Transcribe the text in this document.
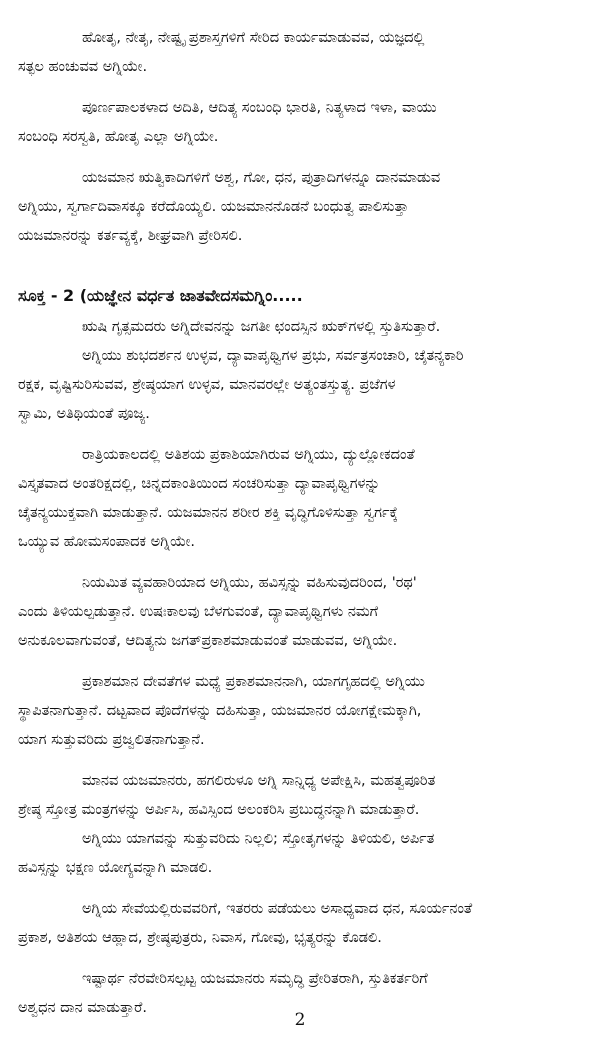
ಹೋತೃ, ನೇತೃ, ನೇಷ್ಟೃ ಪ್ರಶಾಸ್ತಗಳಿಗೆ ಸೇರಿದ ಕಾರ್ಯಮಾಡುವವ, ಯಜ್ಞದಲ್ಲಿ
ಸತ್ಫಲ ಹಂಚುವವ ಅಗ್ನಿಯೇ.
ಪೂರ್ಣಪಾಲಕಳಾದ ಅದಿತಿ, ಆದಿತ್ಯ ಸಂಬಂಧಿ ಭಾರತಿ, ನಿತ್ಯಳಾದ ಇಳಾ, ವಾಯು
ಸಂಬಂಧಿ ಸರಸ್ವತಿ, ಹೋತೃ ಎಲ್ಲಾ ಅಗ್ನಿಯೇ.
ಯಜಮಾನ ಋತ್ವಿಕಾದಿಗಳಿಗೆ ಅಶ್ವ, ಗೋ, ಧನ, ಪುತ್ರಾದಿಗಳನ್ನೂ ದಾನಮಾಡುವ
ಅಗ್ನಿಯು, ಸ್ವರ್ಗಾದಿವಾಸಕ್ಕೂ ಕರೆದೊಯ್ಯಲಿ. ಯಜಮಾನನೊಡನೆ ಬಂಧುತ್ವ ಪಾಲಿಸುತ್ತಾ
ಯಜಮಾನರನ್ನು ಕರ್ತವ್ಯಕ್ಕೆ, ಶೀಘ್ರವಾಗಿ ಪ್ರೇರಿಸಲಿ.
ಸೂಕ್ತ - 2 (ಯಜ್ಞೇನ ವರ್ಧತ ಜಾತವೇದಸಮಗ್ನಿಂ.....
ಋಷಿ ಗೃತ್ಸಮದರು ಅಗ್ನಿದೇವನನ್ನು ಜಗತೀ ಛಂದಸ್ಸಿನ ಋಕ್‌ಗಳಲ್ಲಿ ಸ್ತುತಿಸುತ್ತಾರೆ.
ಅಗ್ನಿಯು ಶುಭದರ್ಶನ ಉಳ್ಳವ, ದ್ಯಾವಾಪೃಥ್ವಿಗಳ ಪ್ರಭು, ಸರ್ವತ್ರಸಂಚಾರಿ, ಚೈತನ್ಯಕಾರಿ
ರಕ್ಷಕ, ವೃಷ್ಟಿಸುರಿಸುವವ, ಶ್ರೇಷ್ಠಯಾಗ ಉಳ್ಳವ, ಮಾನವರಲ್ಲೇ ಅತ್ಯಂತಸ್ತುತ್ಯ. ಪ್ರಜೆಗಳ
ಸ್ವಾಮಿ, ಅತಿಥಿಯಂತೆ ಪೂಜ್ಯ.
ರಾತ್ರಿಯಕಾಲದಲ್ಲಿ ಅತಿಶಯ ಪ್ರಕಾಶಿಯಾಗಿರುವ ಅಗ್ನಿಯು, ದ್ಯುಲ್ಲೋಕದಂತೆ
ವಿಸ್ತೃತವಾದ ಅಂತರಿಕ್ಷದಲ್ಲಿ, ಚಿನ್ನದಕಾಂತಿಯಿಂದ ಸಂಚರಿಸುತ್ತಾ ದ್ಯಾವಾಪೃಥ್ವಿಗಳನ್ನು
ಚೈತನ್ಯಯುಕ್ತವಾಗಿ ಮಾಡುತ್ತಾನೆ. ಯಜಮಾನನ ಶರೀರ ಶಕ್ತಿ ವೃದ್ಧಿಗೊಳಿಸುತ್ತಾ ಸ್ವರ್ಗಕ್ಕೆ
ಒಯ್ಯುವ ಹೋಮಸಂಪಾದಕ ಅಗ್ನಿಯೇ.
ನಿಯಮಿತ ವ್ಯವಹಾರಿಯಾದ ಅಗ್ನಿಯು, ಹವಿಸ್ಸನ್ನು ವಹಿಸುವುದರಿಂದ, 'ರಥ'
ಎಂದು ತಿಳಿಯಲ್ಪಡುತ್ತಾನೆ. ಉಷಃಕಾಲವು ಬೆಳಗುವಂತೆ, ದ್ಯಾವಾಪೃಥ್ವಿಗಳು ನಮಗೆ
ಅನುಕೂಲವಾಗುವಂತೆ, ಆದಿತ್ಯನು ಜಗತ್‌ಪ್ರಕಾಶಮಾಡುವಂತೆ ಮಾಡುವವ, ಅಗ್ನಿಯೇ.
ಪ್ರಕಾಶಮಾನ ದೇವತೆಗಳ ಮಧ್ಯೆ ಪ್ರಕಾಶಮಾನನಾಗಿ, ಯಾಗಗೃಹದಲ್ಲಿ ಅಗ್ನಿಯು
ಸ್ಥಾಪಿತನಾಗುತ್ತಾನೆ. ದಟ್ಟವಾದ ಪೊದೆಗಳನ್ನು ದಹಿಸುತ್ತಾ, ಯಜಮಾನರ ಯೋಗಕ್ಷೇಮಕ್ಕಾಗಿ,
ಯಾಗ ಸುತ್ತುವರಿದು ಪ್ರಜ್ವಲಿತನಾಗುತ್ತಾನೆ.
ಮಾನವ ಯಜಮಾನರು, ಹಗಲಿರುಳೂ ಅಗ್ನಿ ಸಾನ್ನಿಧ್ಯ ಅಪೇಕ್ಷಿಸಿ, ಮಹತ್ವಪೂರಿತ
ಶ್ರೇಷ್ಠ ಸ್ತೋತ್ರ ಮಂತ್ರಗಳನ್ನು ಅರ್ಪಿಸಿ, ಹವಿಸ್ಸಿಂದ ಅಲಂಕರಿಸಿ ಪ್ರಬುದ್ಧನನ್ನಾಗಿ ಮಾಡುತ್ತಾರೆ.
ಅಗ್ನಿಯು ಯಾಗವನ್ನು ಸುತ್ತುವರಿದು ನಿಲ್ಲಲಿ; ಸ್ತೋತೃಗಳನ್ನು ತಿಳಿಯಲಿ, ಅರ್ಪಿತ
ಹವಿಸ್ಸನ್ನು ಭಕ್ಷಣ ಯೋಗ್ಯವನ್ನಾಗಿ ಮಾಡಲಿ.
ಅಗ್ನಿಯ ಸೇವೆಯಲ್ಲಿರುವವರಿಗೆ, ಇತರರು ಪಡೆಯಲು ಅಸಾಧ್ಯವಾದ ಧನ, ಸೂರ್ಯನಂತೆ
ಪ್ರಕಾಶ, ಅತಿಶಯ ಆಹ್ಲಾದ, ಶ್ರೇಷ್ಠಪುತ್ರರು, ನಿವಾಸ, ಗೋವು, ಭೃತ್ಯರನ್ನು ಕೊಡಲಿ.
ಇಷ್ಟಾರ್ಥ ನೆರವೇರಿಸಲ್ಪಟ್ಟ ಯಜಮಾನರು ಸಮೃದ್ಧಿ ಪ್ರೇರಿತರಾಗಿ, ಸ್ತುತಿಕರ್ತರಿಗೆ
ಅಶ್ವಧನ ದಾನ ಮಾಡುತ್ತಾರೆ.
2
